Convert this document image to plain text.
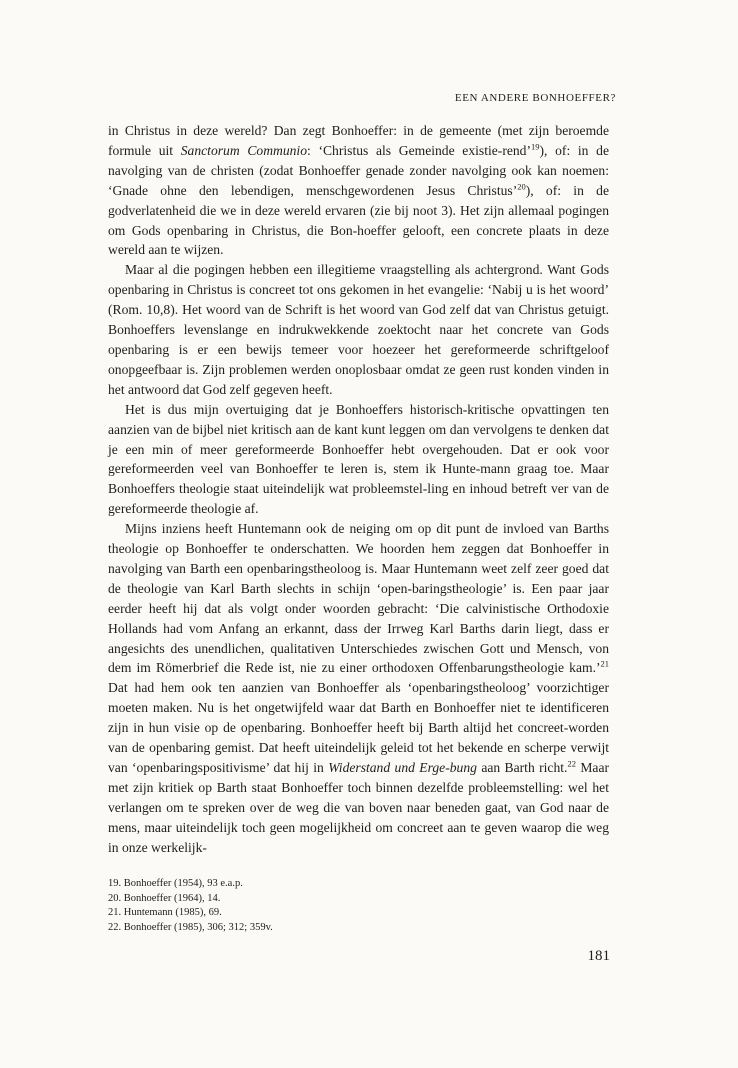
EEN ANDERE BONHOEFFER?

in Christus in deze wereld? Dan zegt Bonhoeffer: in de gemeente (met zijn beroemde formule uit Sanctorum Communio: ‘Christus als Gemeinde existie-rend’$^{19}$), of: in de navolging van de christen (zodat Bonhoeffer genade zonder navolging ook kan noemen: ‘Gnade ohne den lebendigen, menschgewordenen Jesus Christus’$^{20}$), of: in de godverlatenheid die we in deze wereld ervaren (zie bij noot 3). Het zijn allemaal pogingen om Gods openbaring in Christus, die Bon-hoeffer gelooft, een concrete plaats in deze wereld aan te wijzen.

Maar al die pogingen hebben een illegitieme vraagstelling als achtergrond. Want Gods openbaring in Christus is concreet tot ons gekomen in het evangelie: ‘Nabij u is het woord’ (Rom. 10,8). Het woord van de Schrift is het woord van God zelf dat van Christus getuigt. Bonhoeffers levenslange en indrukwekkende zoektocht naar het concrete van Gods openbaring is er een bewijs temeer voor hoezeer het gereformeerde schriftgeloof onopgeefbaar is. Zijn problemen werden onoplosbaar omdat ze geen rust konden vinden in het antwoord dat God zelf gegeven heeft.

Het is dus mijn overtuiging dat je Bonhoeffers historisch-kritische opvattingen ten aanzien van de bijbel niet kritisch aan de kant kunt leggen om dan vervolgens te denken dat je een min of meer gereformeerde Bonhoeffer hebt overgehouden. Dat er ook voor gereformeerden veel van Bonhoeffer te leren is, stem ik Hunte-mann graag toe. Maar Bonhoeffers theologie staat uiteindelijk wat probleemstel-ling en inhoud betreft ver van de gereformeerde theologie af.

Mijns inziens heeft Huntemann ook de neiging om op dit punt de invloed van Barths theologie op Bonhoeffer te onderschatten. We hoorden hem zeggen dat Bonhoeffer in navolging van Barth een openbaringstheoloog is. Maar Huntemann weet zelf zeer goed dat de theologie van Karl Barth slechts in schijn ‘open-baringstheologie’ is. Een paar jaar eerder heeft hij dat als volgt onder woorden gebracht: ‘Die calvinistische Orthodoxie Hollands had vom Anfang an erkannt, dass der Irrweg Karl Barths darin liegt, dass er angesichts des unendlichen, qualitativen Unterschiedes zwischen Gott und Mensch, von dem im Römerbrief die Rede ist, nie zu einer orthodoxen Offenbarungstheologie kam.’$^{21}$ Dat had hem ook ten aanzien van Bonhoeffer als ‘openbaringstheoloog’ voorzichtiger moeten maken. Nu is het ongetwijfeld waar dat Barth en Bonhoeffer niet te identificeren zijn in hun visie op de openbaring. Bonhoeffer heeft bij Barth altijd het concreet-worden van de openbaring gemist. Dat heeft uiteindelijk geleid tot het bekende en scherpe verwijt van ‘openbaringspositivisme’ dat hij in Widerstand und Erge-bung aan Barth richt.$^{22}$ Maar met zijn kritiek op Barth staat Bonhoeffer toch binnen dezelfde probleemstelling: wel het verlangen om te spreken over de weg die van boven naar beneden gaat, van God naar de mens, maar uiteindelijk toch geen mogelijkheid om concreet aan te geven waarop die weg in onze werkelijk-

19. Bonhoeffer (1954), 93 e.a.p.
20. Bonhoeffer (1964), 14.
21. Huntemann (1985), 69.
22. Bonhoeffer (1985), 306; 312; 359v.
181
